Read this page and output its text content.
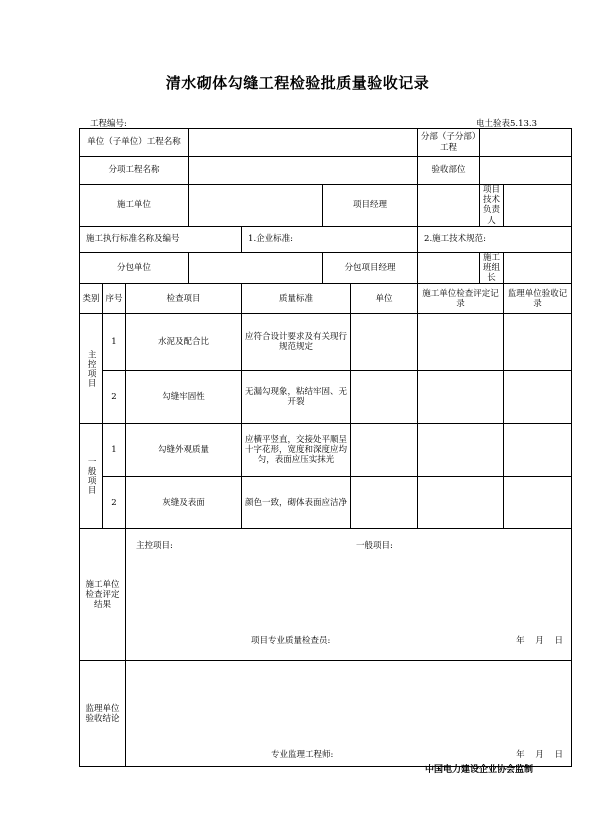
清水砌体勾缝工程检验批质量验收记录
工程编号:	电土验表5.13.3
单位（子单位）工程名称							分部（子分部）工程		
分项工程名称							验收部位		
施工单位					项目经理			项目技术负责人	
施工执行标准名称及编号				1.企业标准:			2.施工技术规范:		
分包单位					分包项目经理			施工班组长	
类别	序号	检查项目		质量标准		单位	施工单位检查评定记录		监理单位验收记录

主控项目	1	水泥及配合比		应符合设计要求及有关现行规范规定					
	2	勾缝牢固性		无漏勾现象，粘结牢固、无开裂					

一般项目	1	勾缝外观质量		应横平竖直，交接处平顺呈十字花形，宽度和深度应均匀，表面应压实抹光					
	2	灰缝及表面		颜色一致，砌体表面应洁净					
施工单位检查评定结果		主控项目: 一般项目:
项目专业质量检查员: 年 月 日							

监理单位验收结论		专业监理工程师: 年 月 日							
中国电力建设企业协会监制
